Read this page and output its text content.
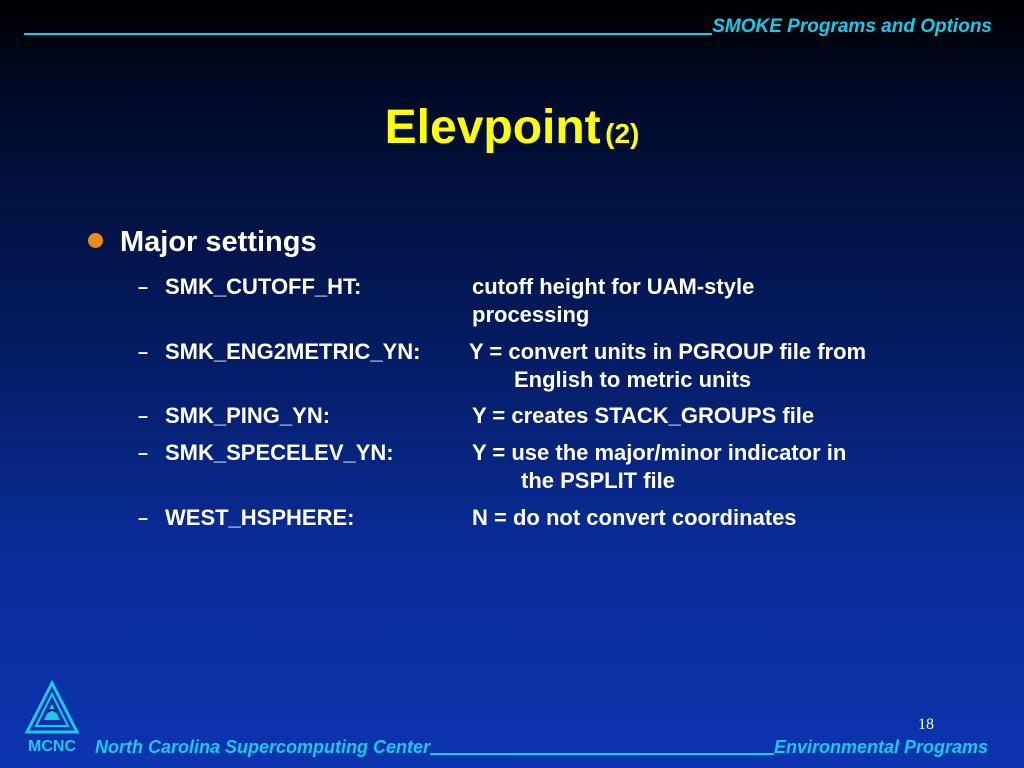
SMOKE Programs and Options
Elevpoint (2)
Major settings
– SMK_CUTOFF_HT:	cutoff height for UAM-style
processing
– SMK_ENG2METRIC_YN: Y = convert units in PGROUP file from
English to metric units
– SMK_PING_YN:	Y = creates STACK_GROUPS file
– SMK_SPECELEV_YN:	Y = use the major/minor indicator in
the PSPLIT file
– WEST_HSPHERE:	N = do not convert coordinates
18
MCNC	North Carolina Supercomputing Center	Environmental Programs
